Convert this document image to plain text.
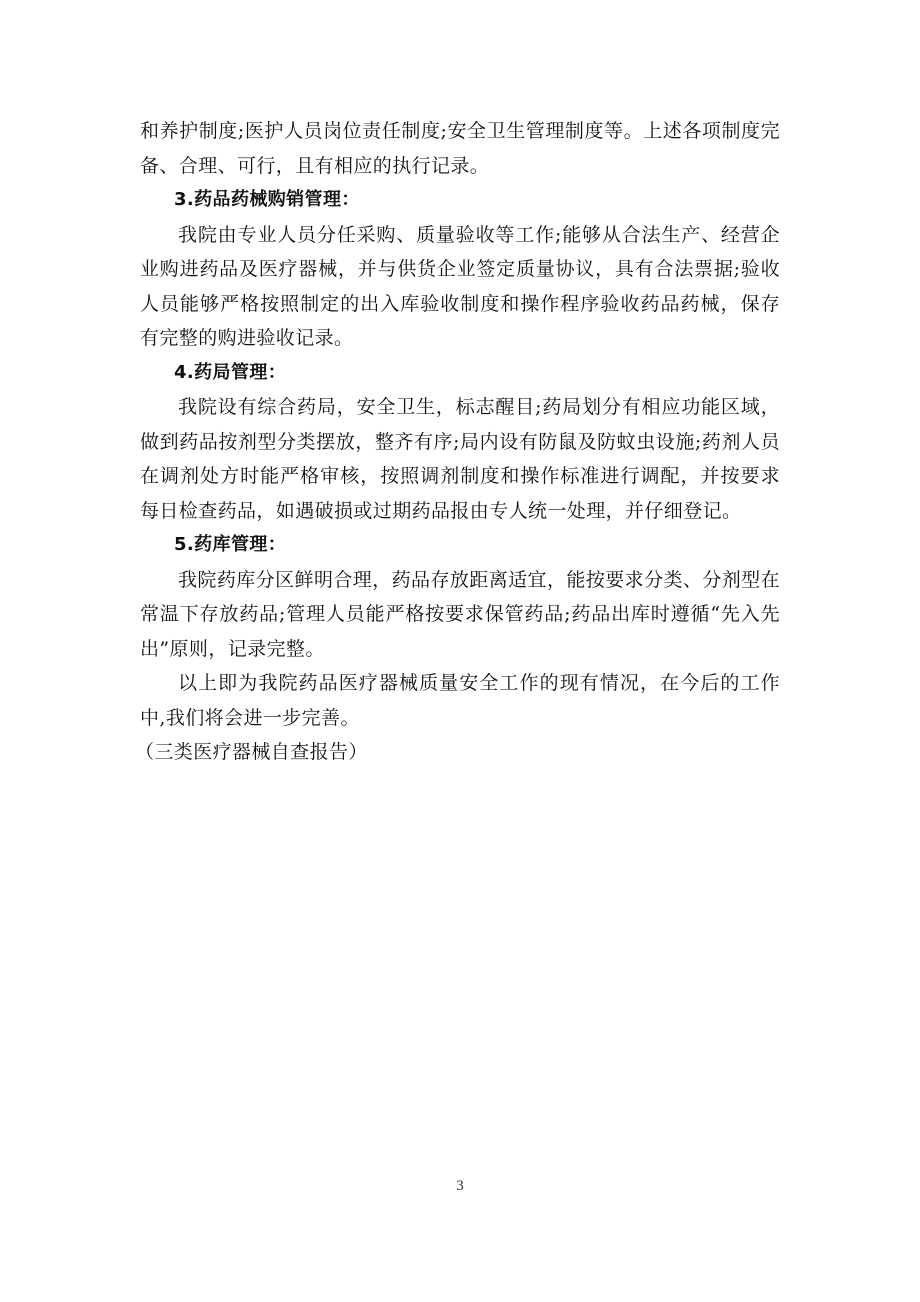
和养护制度;医护人员岗位责任制度;安全卫生管理制度等。上述各项制度完备、合理、可行，且有相应的执行记录。

3.药品药械购销管理：

我院由专业人员分任采购、质量验收等工作;能够从合法生产、经营企业购进药品及医疗器械，并与供货企业签定质量协议，具有合法票据;验收人员能够严格按照制定的出入库验收制度和操作程序验收药品药械，保存有完整的购进验收记录。

4.药局管理：

我院设有综合药局，安全卫生，标志醒目;药局划分有相应功能区域，做到药品按剂型分类摆放，整齐有序;局内设有防鼠及防蚊虫设施;药剂人员在调剂处方时能严格审核，按照调剂制度和操作标准进行调配，并按要求每日检查药品，如遇破损或过期药品报由专人统一处理，并仔细登记。

5.药库管理：

我院药库分区鲜明合理，药品存放距离适宜，能按要求分类、分剂型在常温下存放药品;管理人员能严格按要求保管药品;药品出库时遵循“先入先出”原则，记录完整。

以上即为我院药品医疗器械质量安全工作的现有情况，在今后的工作中,我们将会进一步完善。

（三类医疗器械自查报告）

3
